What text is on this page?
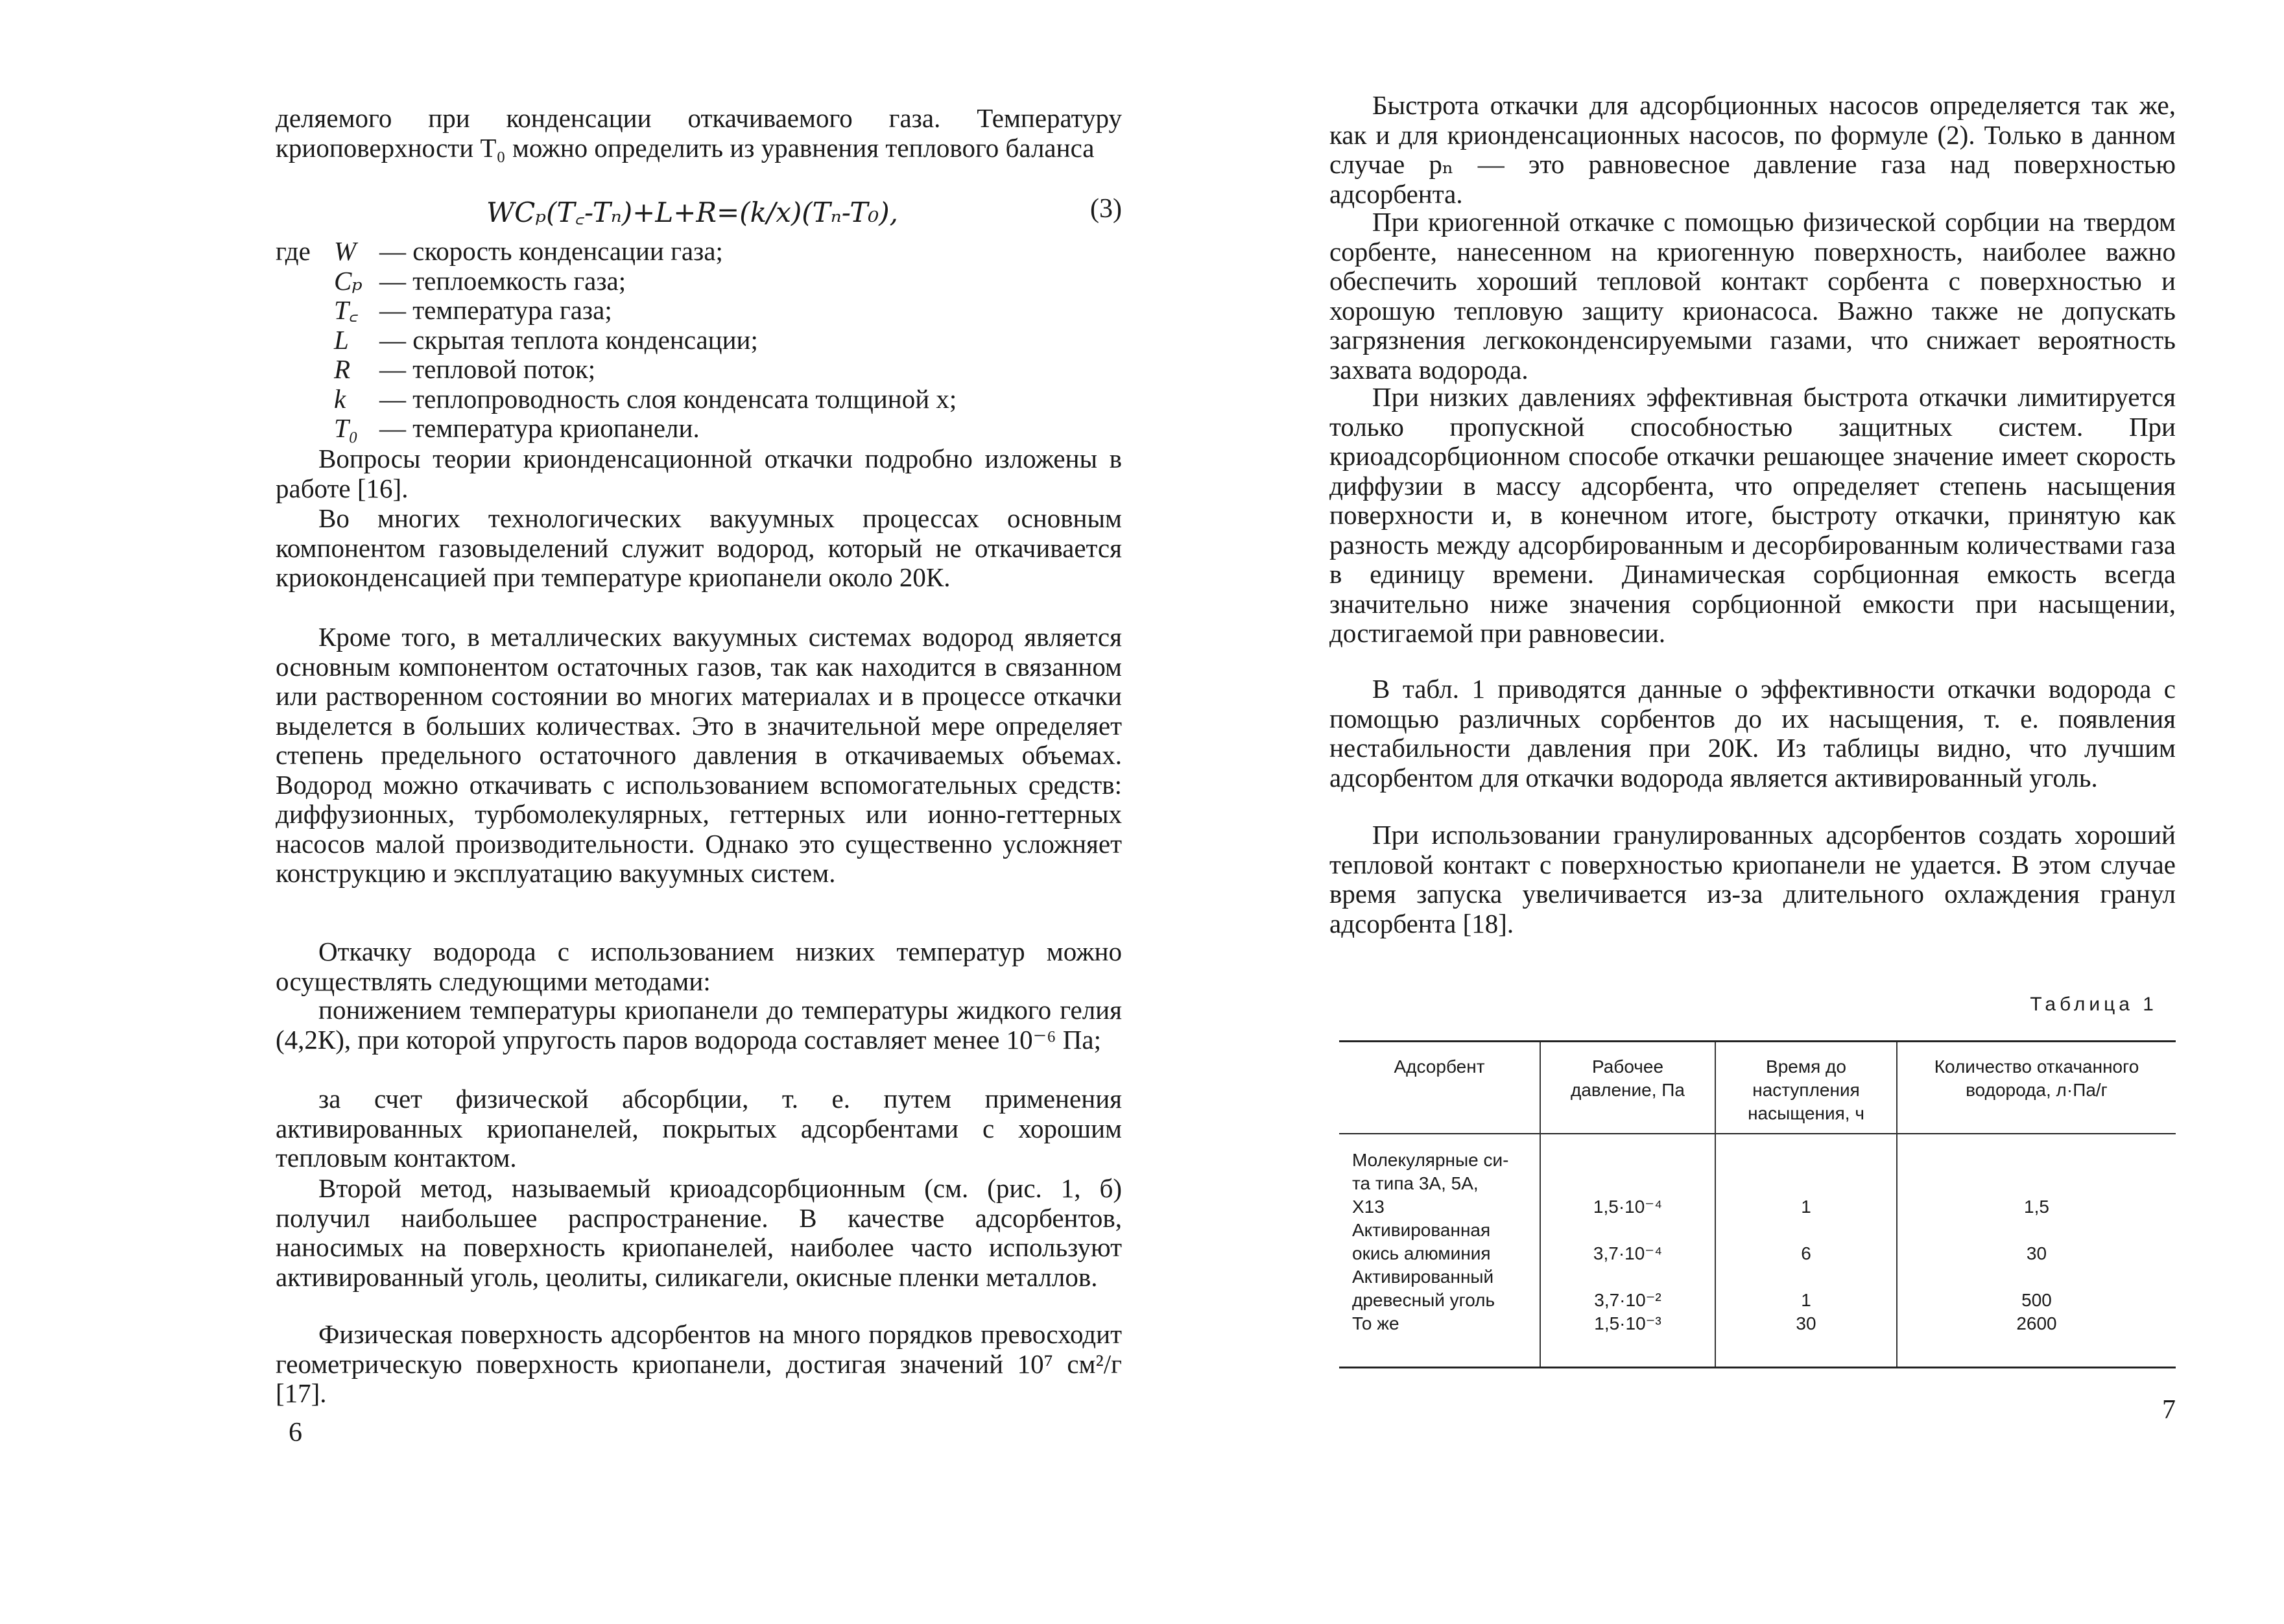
деляемого при конденсации откачиваемого газа. Температуру криоповерхности T₀ можно определить из уравнения теплового баланса

WCₚ(T꜀-Tₙ)+L+R=(k/x)(Tₙ-T₀),	(3)
где W — скорость конденсации газа;
Cₚ — теплоемкость газа;
T꜀ — температура газа;
L	— скрытая теплота конденсации;
R	— тепловой поток;
k	— теплопроводность слоя конденсата толщиной x;
T₀ — температура криопанели.

Вопросы теории крионденсационной откачки подробно изложены в работе [16].

Во многих технологических вакуумных процессах основным компонентом газовыделений служит водород, который не откачивается криоконденсацией при температуре криопанели около 20К.

Кроме того, в металлических вакуумных системах водород является основным компонентом остаточных газов, так как находится в связанном или растворенном состоянии во многих материалах и в процессе откачки выделется в больших количествах. Это в значительной мере определяет степень предельного остаточного давления в откачиваемых объемах. Водород можно откачивать с использованием вспомогательных средств: диффузионных, турбомолекулярных, геттерных или ионно-геттерных насосов малой производительности. Однако это существенно усложняет конструкцию и эксплуатацию вакуумных систем.

Откачку водорода с использованием низких температур можно осуществлять следующими методами:

понижением температуры криопанели до температуры жидкого гелия (4,2К), при которой упругость паров водорода составляет менее 10⁻⁶ Па;

за счет физической абсорбции, т. е. путем применения активированных криопанелей, покрытых адсорбентами с хорошим тепловым контактом.

Второй метод, называемый криоадсорбционным (см. (рис. 1, б) получил наибольшее распространение. В качестве адсорбентов, наносимых на поверхность криопанелей, наиболее часто используют активированный уголь, цеолиты, силикагели, окисные пленки металлов.

Физическая поверхность адсорбентов на много порядков превосходит геометрическую поверхность криопанели, достигая значений 10⁷ см²/г [17].

6

Быстрота откачки для адсорбционных насосов определяется так же, как и для крионденсационных насосов, по формуле (2). Только в данном случае pₙ — это равновесное давление газа над поверхностью адсорбента.

При криогенной откачке с помощью физической сорбции на твердом сорбенте, нанесенном на криогенную поверхность, наиболее важно обеспечить хороший тепловой контакт сорбента с поверхностью и хорошую тепловую защиту крионасоса. Важно также не допускать загрязнения легкоконденсируемыми газами, что снижает вероятность захвата водорода.

При низких давлениях эффективная быстрота откачки лимитируется только пропускной способностью защитных систем. При криоадсорбционном способе откачки решающее значение имеет скорость диффузии в массу адсорбента, что определяет степень насыщения поверхности и, в конечном итоге, быстроту откачки, принятую как разность между адсорбированным и десорбированным количествами газа в единицу времени. Динамическая сорбционная емкость всегда значительно ниже значения сорбционной емкости при насыщении, достигаемой при равновесии.

В табл. 1 приводятся данные о эффективности откачки водорода с помощью различных сорбентов до их насыщения, т. е. появления нестабильности давления при 20К. Из таблицы видно, что лучшим адсорбентом для откачки водорода является активированный уголь.

При использовании гранулированных адсорбентов создать хороший тепловой контакт с поверхностью криопанели не удается. В этом случае время запуска увеличивается из-за длительного охлаждения гранул адсорбента [18].

Таблица 1
Адсорбент	Рабочее давление, Па	Время до наступления насыщения, ч	Количество откачанного водорода, л·Па/г

Молекулярные си-
та типа 3А, 5А,
Х13	1,5·10⁻⁴	1	1,5

Активированная
окись алюминия	3,7·10⁻⁴	6	30

Активированный
древесный уголь	3,7·10⁻²	1	500

То же	1,5·10⁻³	30	2600
7
